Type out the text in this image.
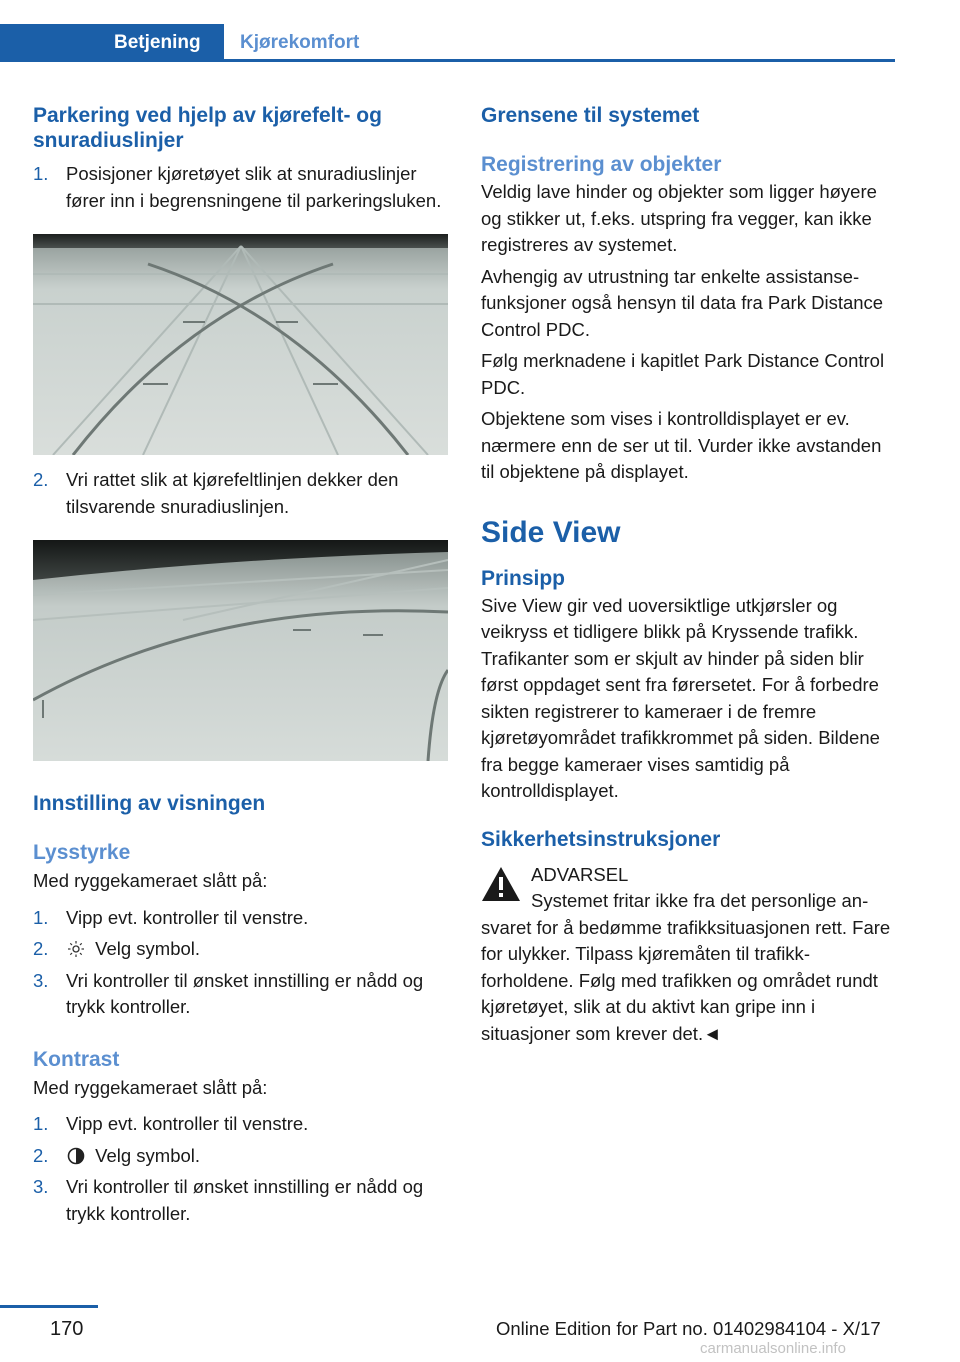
Betjening	Kjørekomfort
Parkering ved hjelp av kjørefelt- og snuradiuslinjer
1. Posisjoner kjøretøyet slik at snuradiuslinjer fører inn i begrensningene til parkeringsluken.
2. Vri rattet slik at kjørefeltlinjen dekker den tilsvarende snuradiuslinjen.
Innstilling av visningen
Lysstyrke
Med ryggekameraet slått på:
1. Vipp evt. kontroller til venstre.
2.	Velg symbol.
3. Vri kontroller til ønsket innstilling er nådd og trykk kontroller.
Kontrast
Med ryggekameraet slått på:
1. Vipp evt. kontroller til venstre.
2.	Velg symbol.
3. Vri kontroller til ønsket innstilling er nådd og trykk kontroller.
Grensene til systemet
Registrering av objekter
Veldig lave hinder og objekter som ligger høyere og stikker ut, f.eks. utspring fra vegger, kan ikke registreres av systemet.
Avhengig av utrustning tar enkelte assistansefunksjoner også hensyn til data fra Park Distance Control PDC.
Følg merknadene i kapitlet Park Distance Control PDC.
Objektene som vises i kontrolldisplayet er ev. nærmere enn de ser ut til. Vurder ikke avstanden til objektene på displayet.
Side View
Prinsipp
Sive View gir ved uoversiktlige utkjørsler og veikryss et tidligere blikk på Kryssende trafikk. Trafikanter som er skjult av hinder på siden blir først oppdaget sent fra førersetet. For å forbedre sikten registrerer to kameraer i de fremre kjøretøyområdet trafikkrommet på siden. Bildene fra begge kameraer vises samtidig på kontrolldisplayet.
Sikkerhetsinstruksjoner
ADVARSEL
Systemet fritar ikke fra det personlige ansvaret for å bedømme trafikksituasjonen rett. Fare for ulykker. Tilpass kjøremåten til trafikkforholdene. Følg med trafikken og området rundt kjøretøyet, slik at du aktivt kan gripe inn i situasjoner som krever det.◄
170	Online Edition for Part no. 01402984104 - X/17
carmanualsonline.info
